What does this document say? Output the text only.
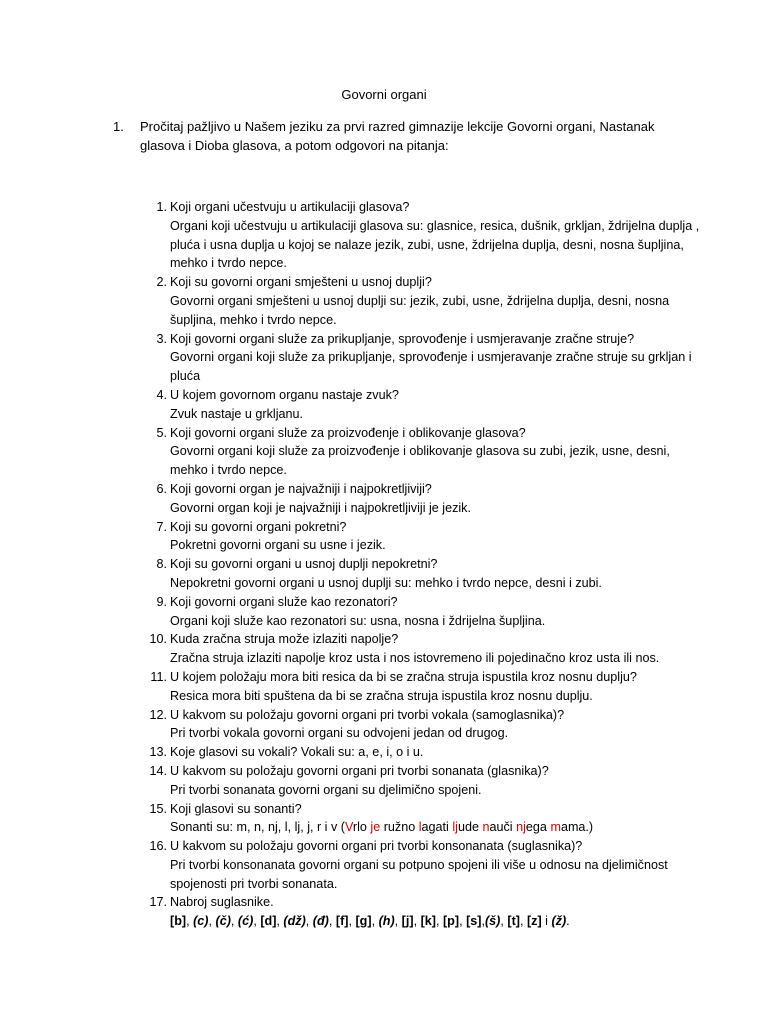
Govorni organi
1. Pročitaj pažljivo u Našem jeziku za prvi razred gimnazije lekcije Govorni organi, Nastanak glasova i Dioba glasova, a potom odgovori na pitanja:
1. Koji organi učestvuju u artikulaciji glasova?
Organi koji učestvuju u artikulaciji glasova su: glasnice, resica, dušnik, grkljan, ždrijelna duplja , pluća i usna duplja u kojoj se nalaze jezik, zubi, usne, ždrijelna duplja, desni, nosna šupljina, mehko i tvrdo nepce.
2. Koji su govorni organi smješteni u usnoj duplji?
Govorni organi smješteni u usnoj duplji su: jezik, zubi, usne, ždrijelna duplja, desni, nosna šupljina, mehko i tvrdo nepce.
3. Koji govorni organi služe za prikupljanje, sprovođenje i usmjeravanje zračne struje?
Govorni organi koji služe za prikupljanje, sprovođenje i usmjeravanje zračne struje su grkljan i pluća
4. U kojem govornom organu nastaje zvuk?
Zvuk nastaje u grkljanu.
5. Koji govorni organi služe za proizvođenje i oblikovanje glasova?
Govorni organi koji služe za proizvođenje i oblikovanje glasova su zubi, jezik, usne, desni, mehko i tvrdo nepce.
6. Koji govorni organ je najvažniji i najpokretljiviji?
Govorni organ koji je najvažniji i najpokretljiviji je jezik.
7. Koji su govorni organi pokretni?
Pokretni govorni organi su usne i jezik.
8. Koji su govorni organi u usnoj duplji nepokretni?
Nepokretni govorni organi u usnoj duplji su: mehko i tvrdo nepce, desni i zubi.
9. Koji govorni organi služe kao rezonatori?
Organi koji služe kao rezonatori su: usna, nosna i ždrijelna šupljina.
10. Kuda zračna struja može izlaziti napolje?
Zračna struja izlaziti napolje kroz usta i nos istovremeno ili pojedinačno kroz usta ili nos.
11. U kojem položaju mora biti resica da bi se zračna struja ispustila kroz nosnu duplju?
Resica mora biti spuštena da bi se zračna struja ispustila kroz nosnu duplju.
12. U kakvom su položaju govorni organi pri tvorbi vokala (samoglasnika)?
Pri tvorbi vokala govorni organi su odvojeni jedan od drugog.
13. Koje glasovi su vokali? Vokali su: a, e, i, o i u.
14. U kakvom su položaju govorni organi pri tvorbi sonanata (glasnika)?
Pri tvorbi sonanata govorni organi su djelimično spojeni.
15. Koji glasovi su sonanti?
Sonanti su: m, n, nj, l, lj, j, r i v (Vrlo je ružno lagati ljude nauči njega mama.)
16. U kakvom su položaju govorni organi pri tvorbi konsonanata (suglasnika)?
Pri tvorbi konsonanata govorni organi su potpuno spojeni ili više u odnosu na djelimičnost spojenosti pri tvorbi sonanata.
17. Nabroj suglasnike.
[b], (c), (č), (ć), [d], (dž), (đ), [f], [g], (h), [j], [k], [p], [s],(š), [t], [z] i (ž).
